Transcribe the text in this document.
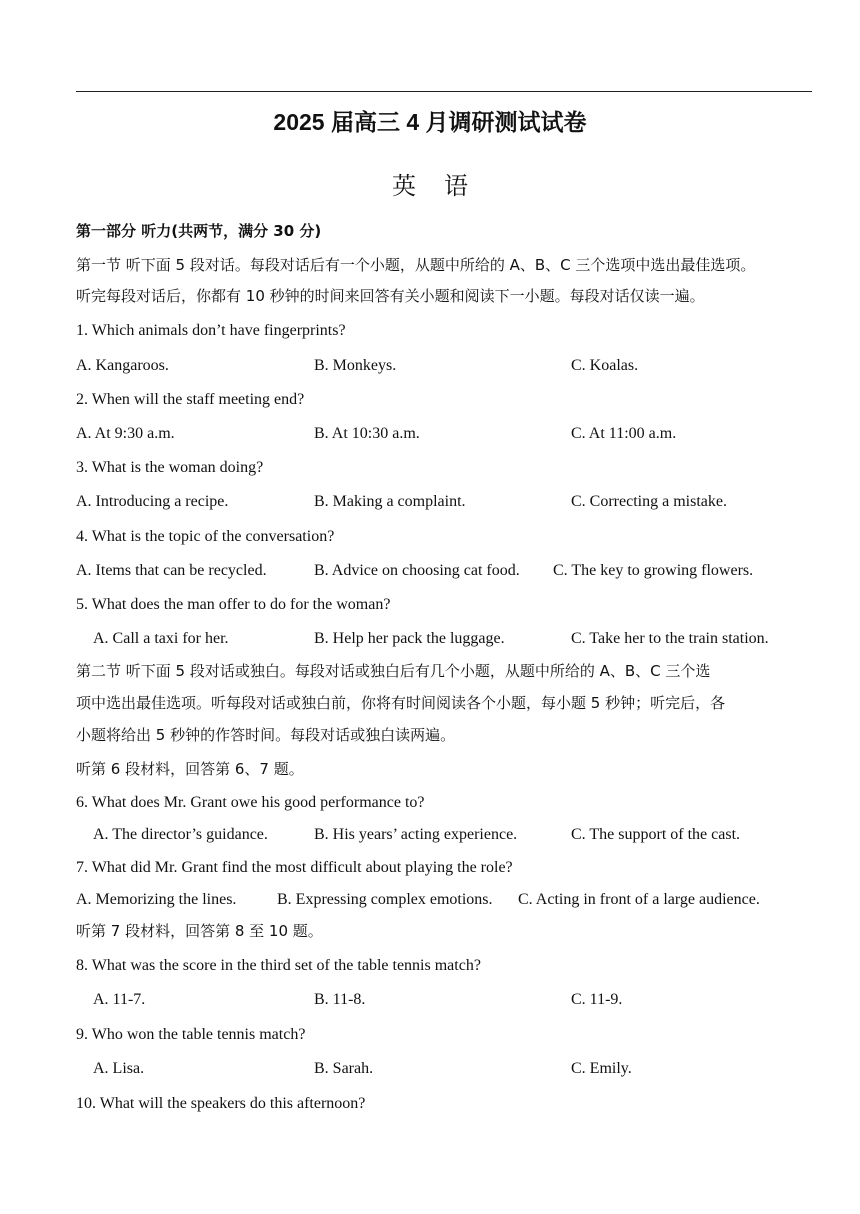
2025 届高三 4 月调研测试试卷
英语
第一部分 听力(共两节，满分 30 分)
第一节 听下面 5 段对话。每段对话后有一个小题，从题中所给的 A、B、C 三个选项中选出最佳选项。
听完每段对话后，你都有 10 秒钟的时间来回答有关小题和阅读下一小题。每段对话仅读一遍。
1. Which animals don’t have fingerprints?
A. Kangaroos.	B. Monkeys.	C. Koalas.
2. When will the staff meeting end?
A. At 9:30 a.m.	B. At 10:30 a.m.	C. At 11:00 a.m.
3. What is the woman doing?
A. Introducing a recipe.	B. Making a complaint.	C. Correcting a mistake.
4. What is the topic of the conversation?
A. Items that can be recycled.	B. Advice on choosing cat food. C. The key to growing flowers.
5. What does the man offer to do for the woman?
A. Call a taxi for her.	B. Help her pack the luggage.	C. Take her to the train station.
第二节 听下面 5 段对话或独白。每段对话或独白后有几个小题，从题中所给的 A、B、C 三个选
项中选出最佳选项。听每段对话或独白前，你将有时间阅读各个小题，每小题 5 秒钟；听完后，各
小题将给出 5 秒钟的作答时间。每段对话或独白读两遍。
听第 6 段材料，回答第 6、7 题。
6. What does Mr. Grant owe his good performance to?
A. The director’s guidance.	B. His years’ acting experience.	C. The support of the cast.
7. What did Mr. Grant find the most difficult about playing the role?
A. Memorizing the lines.	B. Expressing complex emotions. C. Acting in front of a large audience.
听第 7 段材料，回答第 8 至 10 题。
8. What was the score in the third set of the table tennis match?
A. 11-7.	B. 11-8.	C. 11-9.
9. Who won the table tennis match?
A. Lisa.	B. Sarah.	C. Emily.
10. What will the speakers do this afternoon?
